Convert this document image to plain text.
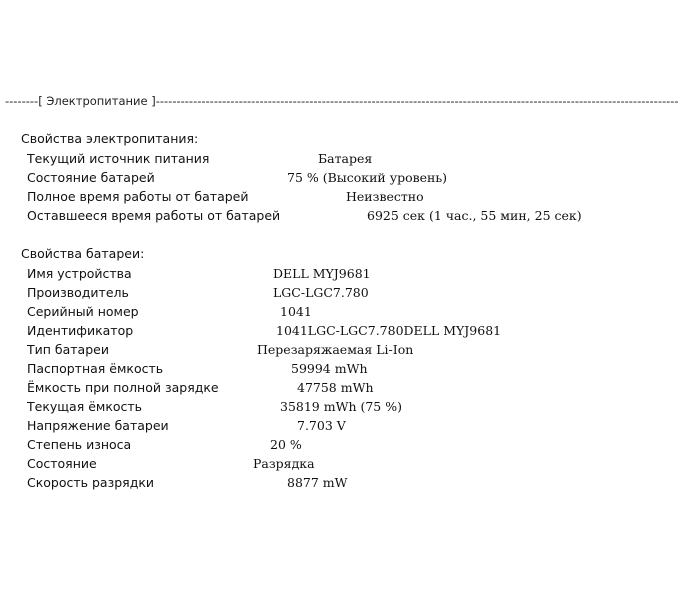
--------[ Электропитание ]------------------------------------------------------------------------------------------------------------------------------
Свойства электропитания:
Текущий источник питания	Батарея
Состояние батарей	75 % (Высокий уровень)
Полное время работы от батарей	Неизвестно
Оставшееся время работы от батарей	6925 сек (1 час., 55 мин, 25 сек)
Свойства батареи:
Имя устройства	DELL MYJ9681
Производитель	LGC-LGC7.780
Серийный номер	1041
Идентификатор	1041LGC-LGC7.780DELL MYJ9681
Тип батареи	Перезаряжаемая Li-Ion
Паспортная ёмкость	59994 mWh
Ёмкость при полной зарядке	47758 mWh
Текущая ёмкость	35819 mWh (75 %)
Напряжение батареи	7.703 V
Степень износа	20 %
Состояние	Разрядка
Скорость разрядки	8877 mW
